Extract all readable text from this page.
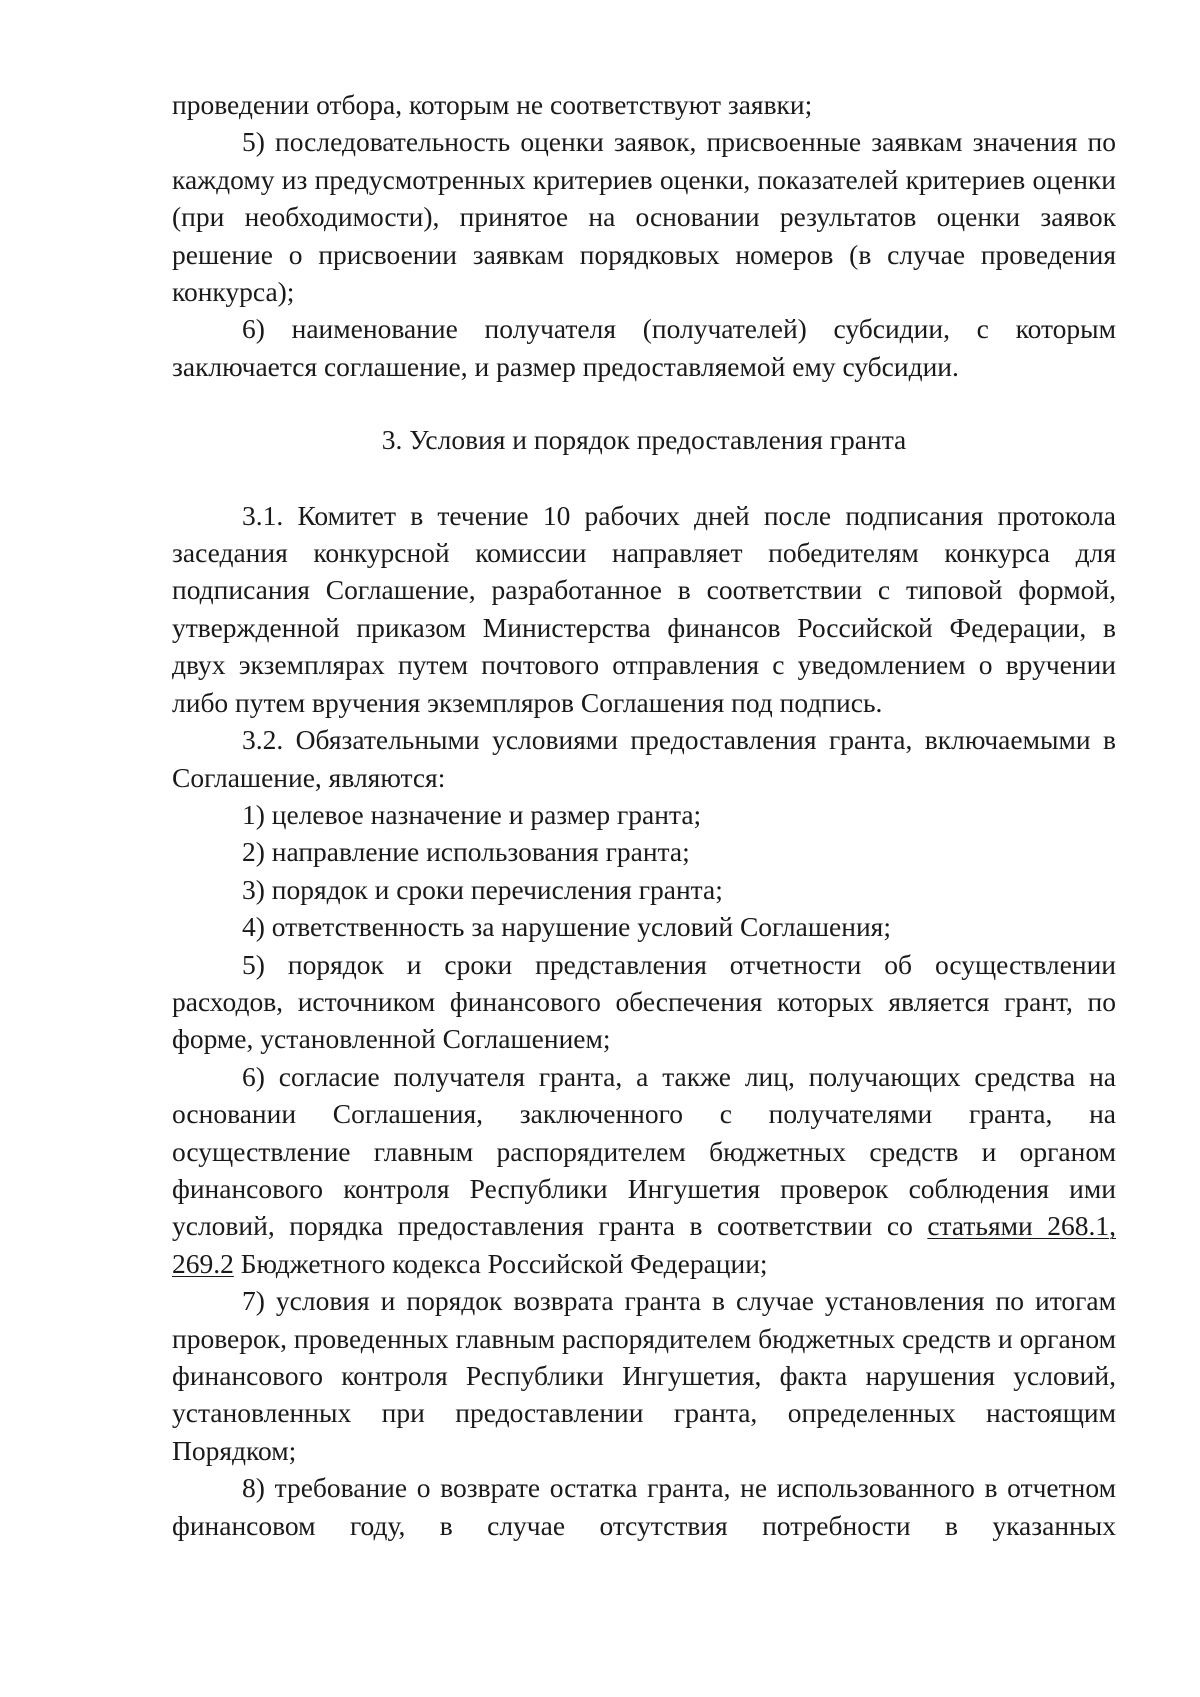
проведении отбора, которым не соответствуют заявки;

5) последовательность оценки заявок, присвоенные заявкам значения по каждому из предусмотренных критериев оценки, показателей критериев оценки (при необходимости), принятое на основании результатов оценки заявок решение о присвоении заявкам порядковых номеров (в случае проведения конкурса);

6) наименование получателя (получателей) субсидии, с которым заключается соглашение, и размер предоставляемой ему субсидии.

3. Условия и порядок предоставления гранта

3.1. Комитет в течение 10 рабочих дней после подписания протокола заседания конкурсной комиссии направляет победителям конкурса для подписания Соглашение, разработанное в соответствии с типовой формой, утвержденной приказом Министерства финансов Российской Федерации, в двух экземплярах путем почтового отправления с уведомлением о вручении либо путем вручения экземпляров Соглашения под подпись.

3.2. Обязательными условиями предоставления гранта, включаемыми в Соглашение, являются:

1) целевое назначение и размер гранта;

2) направление использования гранта;

3) порядок и сроки перечисления гранта;

4) ответственность за нарушение условий Соглашения;

5) порядок и сроки представления отчетности об осуществлении расходов, источником финансового обеспечения которых является грант, по форме, установленной Соглашением;

6) согласие получателя гранта, а также лиц, получающих средства на основании Соглашения, заключенного с получателями гранта, на осуществление главным распорядителем бюджетных средств и органом финансового контроля Республики Ингушетия проверок соблюдения ими условий, порядка предоставления гранта в соответствии со статьями 268.1, 269.2 Бюджетного кодекса Российской Федерации;

7) условия и порядок возврата гранта в случае установления по итогам проверок, проведенных главным распорядителем бюджетных средств и органом финансового контроля Республики Ингушетия, факта нарушения условий, установленных при предоставлении гранта, определенных настоящим Порядком;

8) требование о возврате остатка гранта, не использованного в отчетном финансовом году, в случае отсутствия потребности в указанных
